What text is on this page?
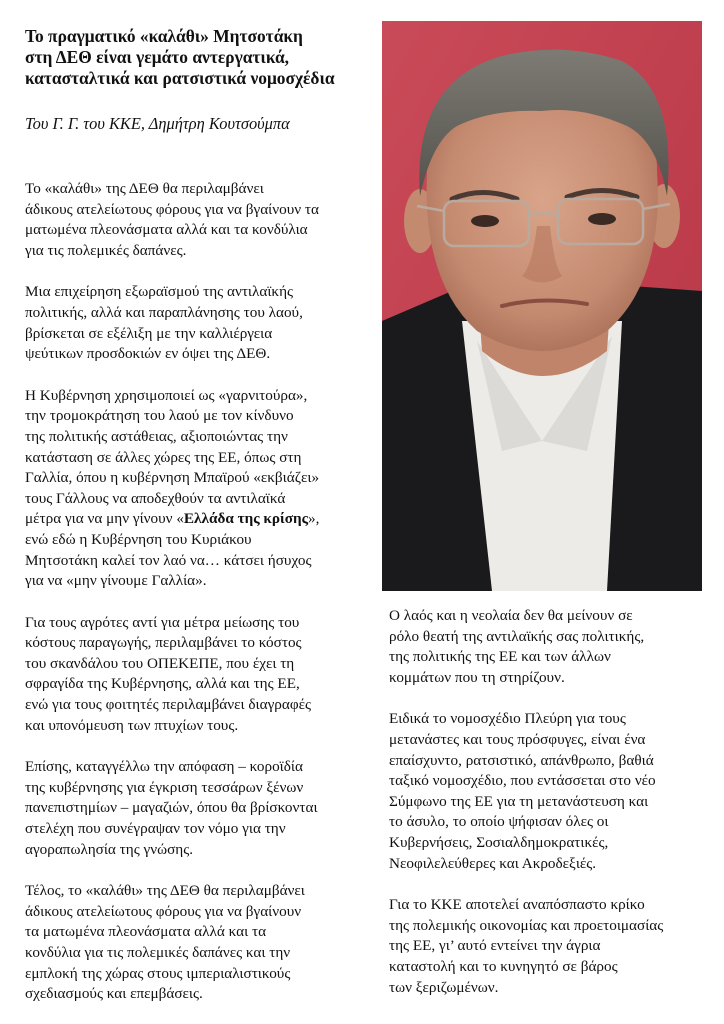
Το πραγματικό «καλάθι» Μητσοτάκη
στη ΔΕΘ είναι γεμάτο αντεργατικά,
κατασταλτικά και ρατσιστικά νομοσχέδια

Του Γ. Γ. του ΚΚΕ, Δημήτρη Κουτσούμπα

Το «καλάθι» της ΔΕΘ θα περιλαμβάνει
άδικους ατελείωτους φόρους για να βγαίνουν τα
ματωμένα πλεονάσματα αλλά και τα κονδύλια
για τις πολεμικές δαπάνες.

Μια επιχείρηση εξωραϊσμού της αντιλαϊκής
πολιτικής, αλλά και παραπλάνησης του λαού,
βρίσκεται σε εξέλιξη με την καλλιέργεια
ψεύτικων προσδοκιών εν όψει της ΔΕΘ.

Η Κυβέρνηση χρησιμοποιεί ως «γαρνιτούρα»,
την τρομοκράτηση του λαού με τον κίνδυνο
της πολιτικής αστάθειας, αξιοποιώντας την
κατάσταση σε άλλες χώρες της ΕΕ, όπως στη
Γαλλία, όπου η κυβέρνηση Μπαϊρού «εκβιάζει»
τους Γάλλους να αποδεχθούν τα αντιλαϊκά
μέτρα για να μην γίνουν «Ελλάδα της κρίσης»,
ενώ εδώ η Κυβέρνηση του Κυριάκου
Μητσοτάκη καλεί τον λαό να… κάτσει ήσυχος
για να «μην γίνουμε Γαλλία».

Για τους αγρότες αντί για μέτρα μείωσης του
κόστους παραγωγής, περιλαμβάνει το κόστος
του σκανδάλου του ΟΠΕΚΕΠΕ, που έχει τη
σφραγίδα της Κυβέρνησης, αλλά και της ΕΕ,
ενώ για τους φοιτητές περιλαμβάνει διαγραφές
και υπονόμευση των πτυχίων τους.

Επίσης, καταγγέλλω την απόφαση – κοροϊδία
της κυβέρνησης για έγκριση τεσσάρων ξένων
πανεπιστημίων – μαγαζιών, όπου θα βρίσκονται
στελέχη που συνέγραψαν τον νόμο για την
αγοραπωλησία της γνώσης.

Τέλος, το «καλάθι» της ΔΕΘ θα περιλαμβάνει
άδικους ατελείωτους φόρους για να βγαίνουν
τα ματωμένα πλεονάσματα αλλά και τα
κονδύλια για τις πολεμικές δαπάνες και την
εμπλοκή της χώρας στους ιμπεριαλιστικούς
σχεδιασμούς και επεμβάσεις.

Ο λαός και η νεολαία δεν θα μείνουν σε
ρόλο θεατή της αντιλαϊκής σας πολιτικής,
της πολιτικής της ΕΕ και των άλλων
κομμάτων που τη στηρίζουν.

Ειδικά το νομοσχέδιο Πλεύρη για τους
μετανάστες και τους πρόσφυγες, είναι ένα
επαίσχυντο, ρατσιστικό, απάνθρωπο, βαθιά
ταξικό νομοσχέδιο, που εντάσσεται στο νέο
Σύμφωνο της ΕΕ για τη μετανάστευση και
το άσυλο, το οποίο ψήφισαν όλες οι
Κυβερνήσεις, Σοσιαλδημοκρατικές,
Νεοφιλελεύθερες και Ακροδεξιές.

Για το ΚΚΕ αποτελεί αναπόσπαστο κρίκο
της πολεμικής οικονομίας και προετοιμασίας
της ΕΕ, γι’ αυτό εντείνει την άγρια
καταστολή και το κυνηγητό σε βάρος
των ξεριζωμένων.
